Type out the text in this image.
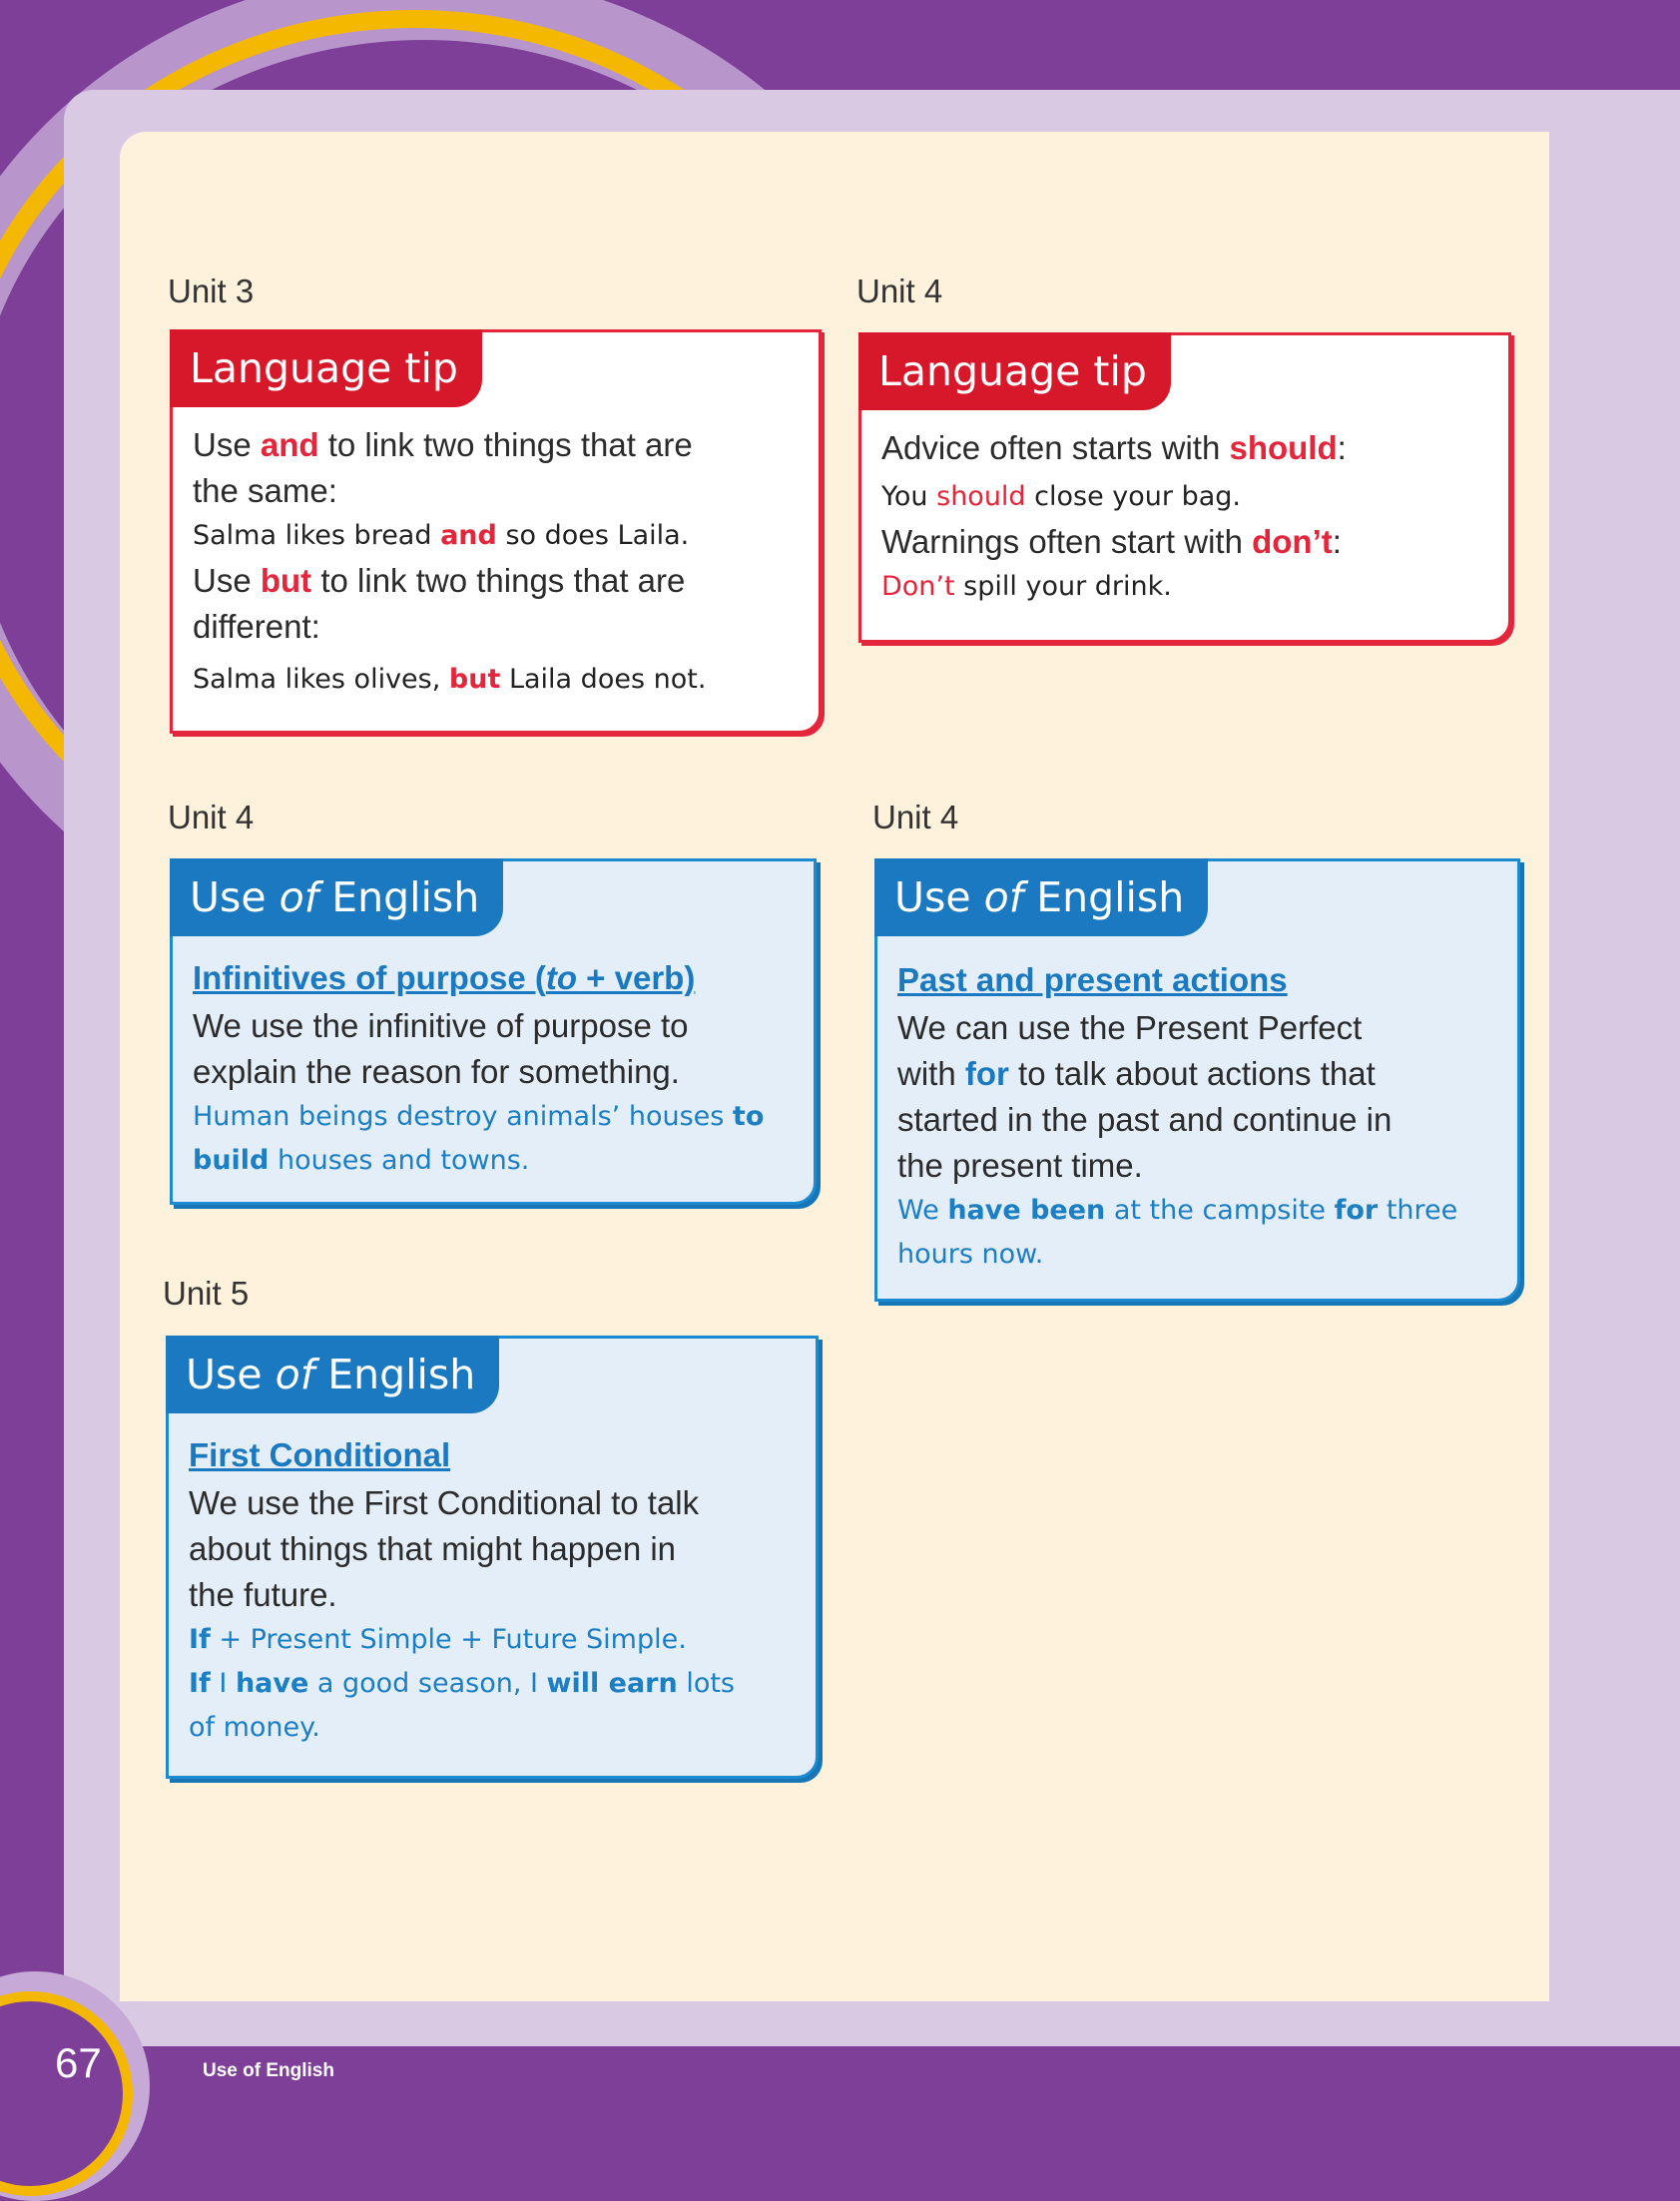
Unit 3
Language tip
Use and to link two things that are
the same:
Salma likes bread and so does Laila.
Use but to link two things that are
different:
Salma likes olives, but Laila does not.
Unit 4
Language tip
Advice often starts with should:
You should close your bag.
Warnings often start with don’t:
Don’t spill your drink.
Unit 4
Use of English
Infinitives of purpose (to + verb)
We use the infinitive of purpose to
explain the reason for something.
Human beings destroy animals’ houses to
build houses and towns.
Unit 4
Use of English
Past and present actions
We can use the Present Perfect
with for to talk about actions that
started in the past and continue in
the present time.
We have been at the campsite for three
hours now.
Unit 5
Use of English
First Conditional
We use the First Conditional to talk
about things that might happen in
the future.
If + Present Simple + Future Simple.
If I have a good season, I will earn lots
of money.
67	Use of English
